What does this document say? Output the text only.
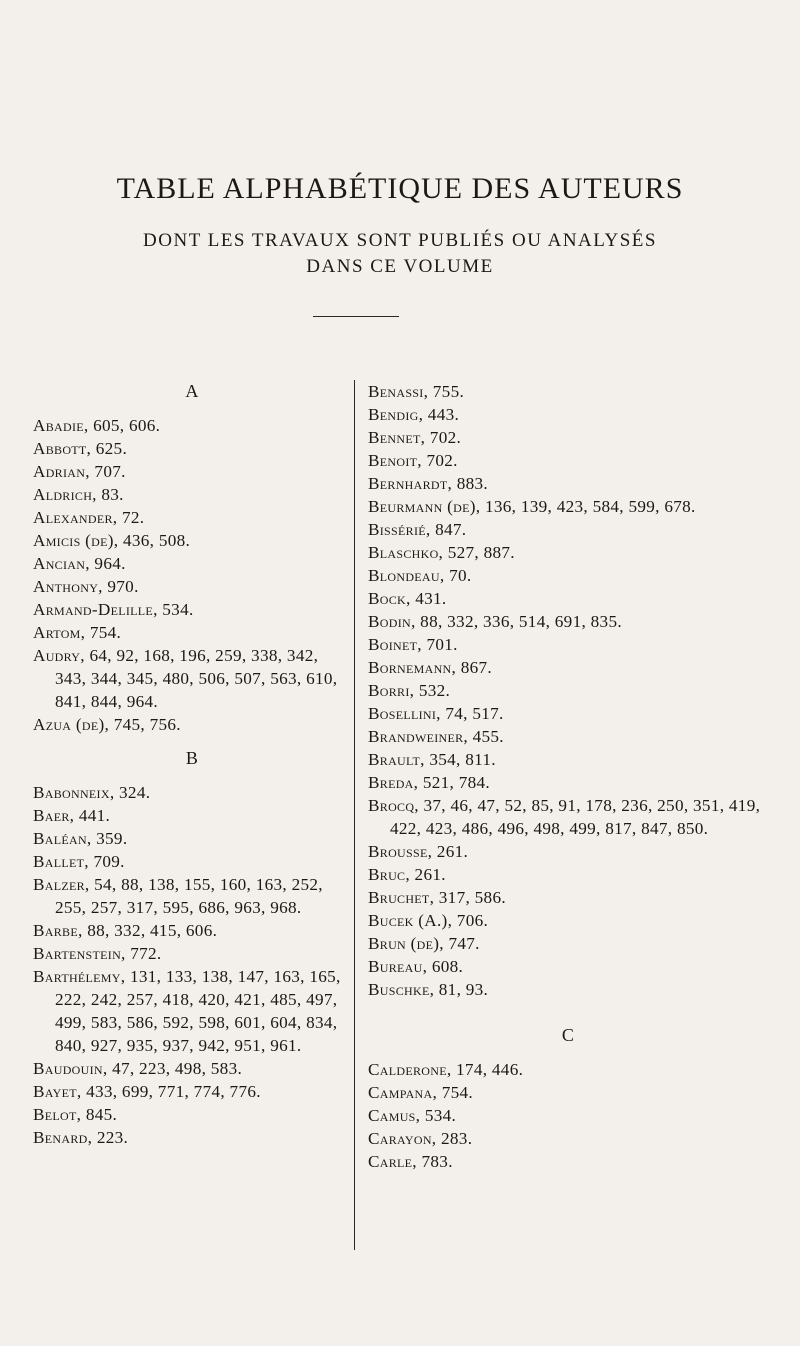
TABLE ALPHABÉTIQUE DES AUTEURS
DONT LES TRAVAUX SONT PUBLIÉS OU ANALYSÉS
DANS CE VOLUME
A
Abadie, 605, 606.
Abbott, 625.
Adrian, 707.
Aldrich, 83.
Alexander, 72.
Amicis (de), 436, 508.
Ancian, 964.
Anthony, 970.
Armand-Delille, 534.
Artom, 754.
Audry, 64, 92, 168, 196, 259, 338, 342, 343, 344, 345, 480, 506, 507, 563, 610, 841, 844, 964.
Azua (de), 745, 756.
B
Babonneix, 324.
Baer, 441.
Baléan, 359.
Ballet, 709.
Balzer, 54, 88, 138, 155, 160, 163, 252, 255, 257, 317, 595, 686, 963, 968.
Barbe, 88, 332, 415, 606.
Bartenstein, 772.
Barthélemy, 131, 133, 138, 147, 163, 165, 222, 242, 257, 418, 420, 421, 485, 497, 499, 583, 586, 592, 598, 601, 604, 834, 840, 927, 935, 937, 942, 951, 961.
Baudouin, 47, 223, 498, 583.
Bayet, 433, 699, 771, 774, 776.
Belot, 845.
Benard, 223.
Benassi, 755.
Bendig, 443.
Bennet, 702.
Benoit, 702.
Bernhardt, 883.
Beurmann (de), 136, 139, 423, 584, 599, 678.
Bissérié, 847.
Blaschko, 527, 887.
Blondeau, 70.
Bock, 431.
Bodin, 88, 332, 336, 514, 691, 835.
Boinet, 701.
Bornemann, 867.
Borri, 532.
Bosellini, 74, 517.
Brandweiner, 455.
Brault, 354, 811.
Breda, 521, 784.
Brocq, 37, 46, 47, 52, 85, 91, 178, 236, 250, 351, 419, 422, 423, 486, 496, 498, 499, 817, 847, 850.
Brousse, 261.
Bruc, 261.
Bruchet, 317, 586.
Bucek (A.), 706.
Brun (de), 747.
Bureau, 608.
Buschke, 81, 93.
C
Calderone, 174, 446.
Campana, 754.
Camus, 534.
Carayon, 283.
Carle, 783.
